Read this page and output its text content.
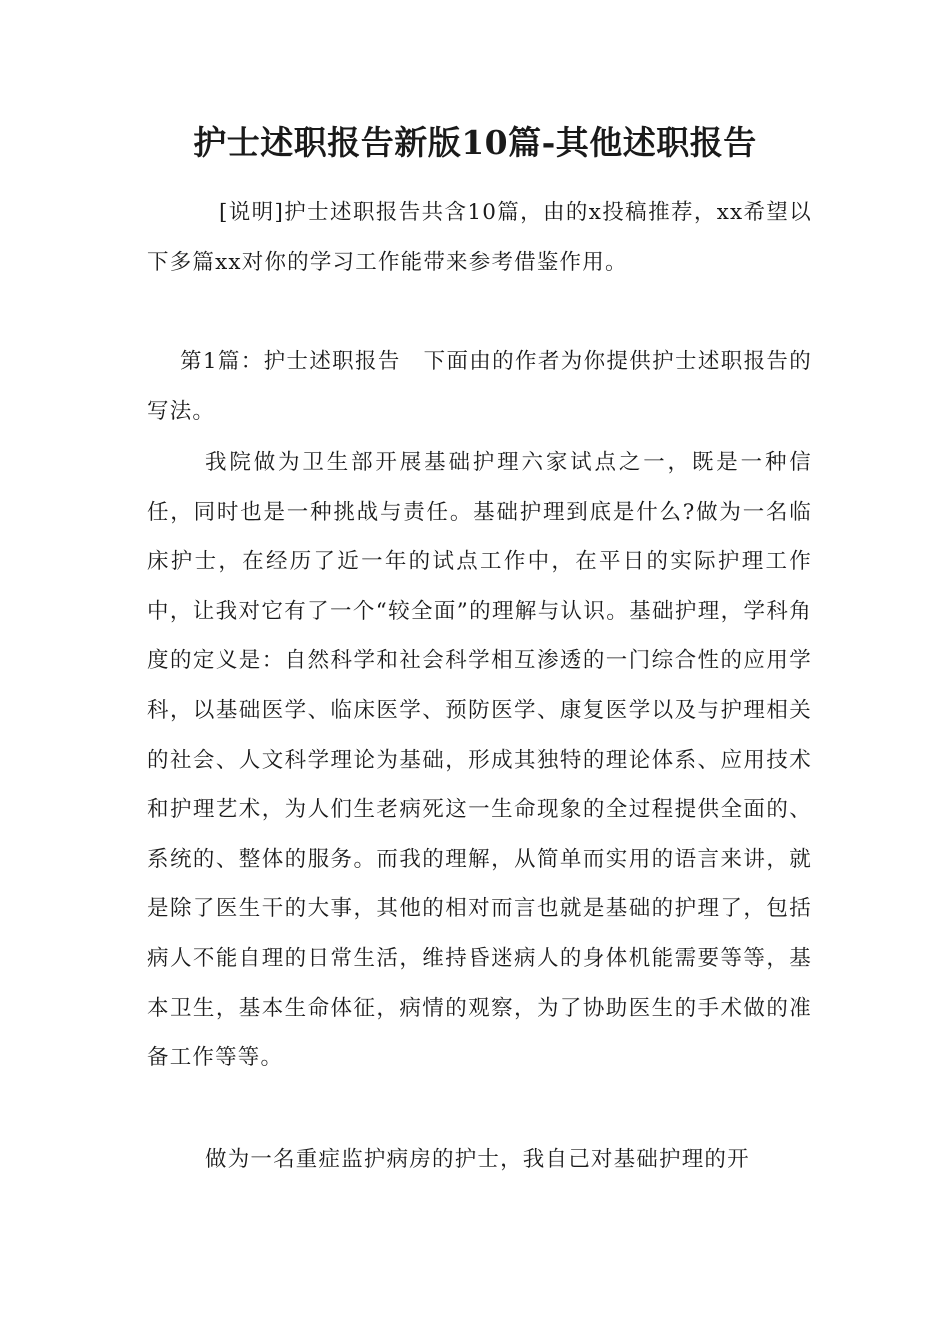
护士述职报告新版10篇-其他述职报告

[说明]护士述职报告共含10篇，由的x投稿推荐，xx希望以下多篇xx对你的学习工作能带来参考借鉴作用。

第1篇：护士述职报告　下面由的作者为你提供护士述职报告的写法。

我院做为卫生部开展基础护理六家试点之一，既是一种信任，同时也是一种挑战与责任。基础护理到底是什么?做为一名临床护士，在经历了近一年的试点工作中，在平日的实际护理工作中，让我对它有了一个“较全面”的理解与认识。基础护理，学科角度的定义是：自然科学和社会科学相互渗透的一门综合性的应用学科，以基础医学、临床医学、预防医学、康复医学以及与护理相关的社会、人文科学理论为基础，形成其独特的理论体系、应用技术和护理艺术，为人们生老病死这一生命现象的全过程提供全面的、系统的、整体的服务。而我的理解，从简单而实用的语言来讲，就是除了医生干的大事，其他的相对而言也就是基础的护理了，包括病人不能自理的日常生活，维持昏迷病人的身体机能需要等等，基本卫生，基本生命体征，病情的观察，为了协助医生的手术做的准备工作等等。

做为一名重症监护病房的护士，我自己对基础护理的开
